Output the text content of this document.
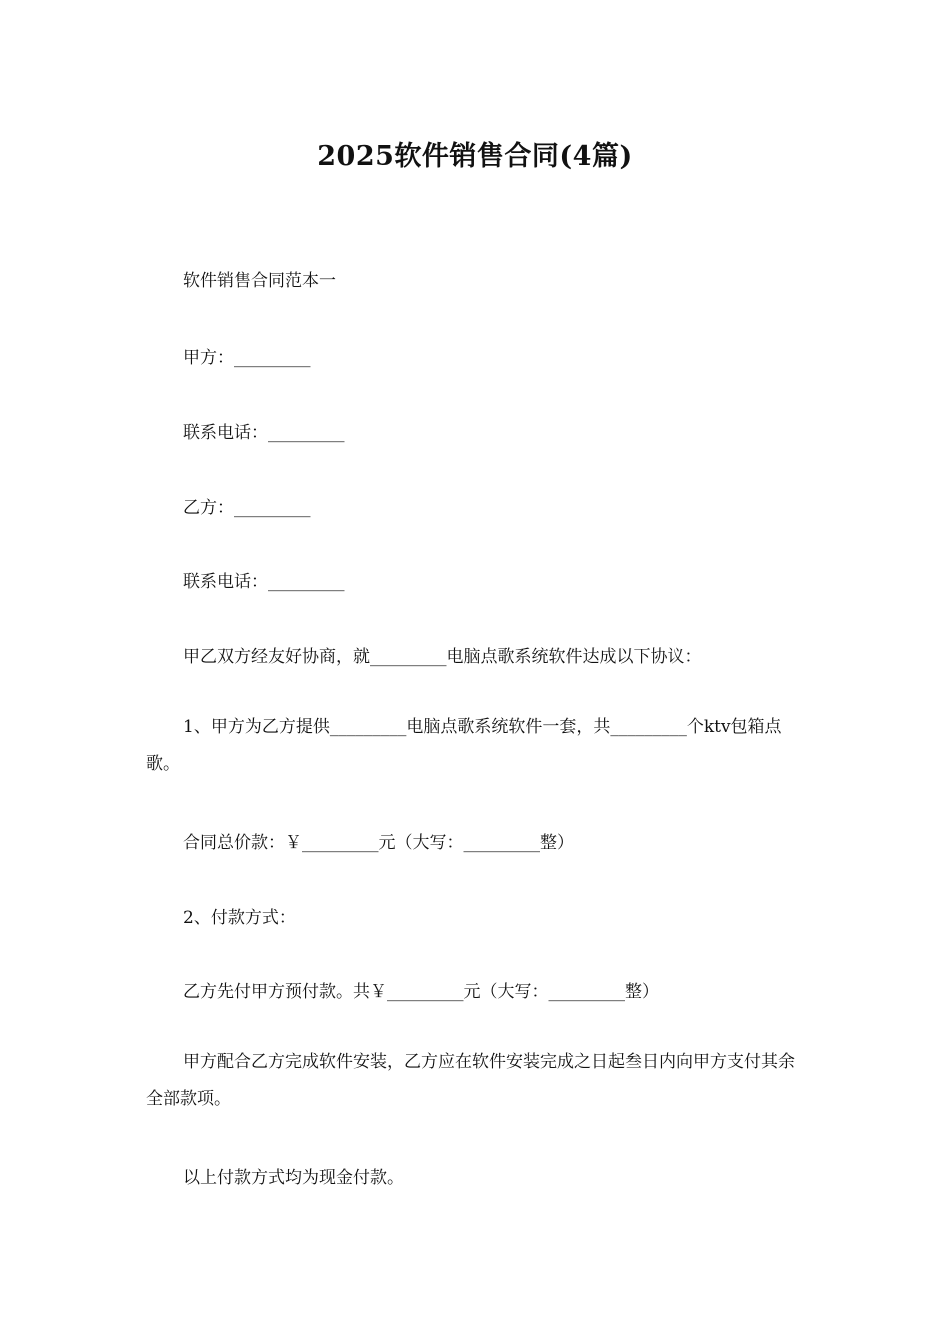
2025软件销售合同(4篇)
软件销售合同范本一
甲方：_________
联系电话：_________
乙方：_________
联系电话：_________
甲乙双方经友好协商，就_________电脑点歌系统软件达成以下协议：
1、甲方为乙方提供_________电脑点歌系统软件一套，共_________个ktv包箱点歌。
合同总价款：￥_________元（大写：_________整）
2、付款方式：
乙方先付甲方预付款。共￥_________元（大写：_________整）
甲方配合乙方完成软件安装，乙方应在软件安装完成之日起叁日内向甲方支付其余全部款项。
以上付款方式均为现金付款。
